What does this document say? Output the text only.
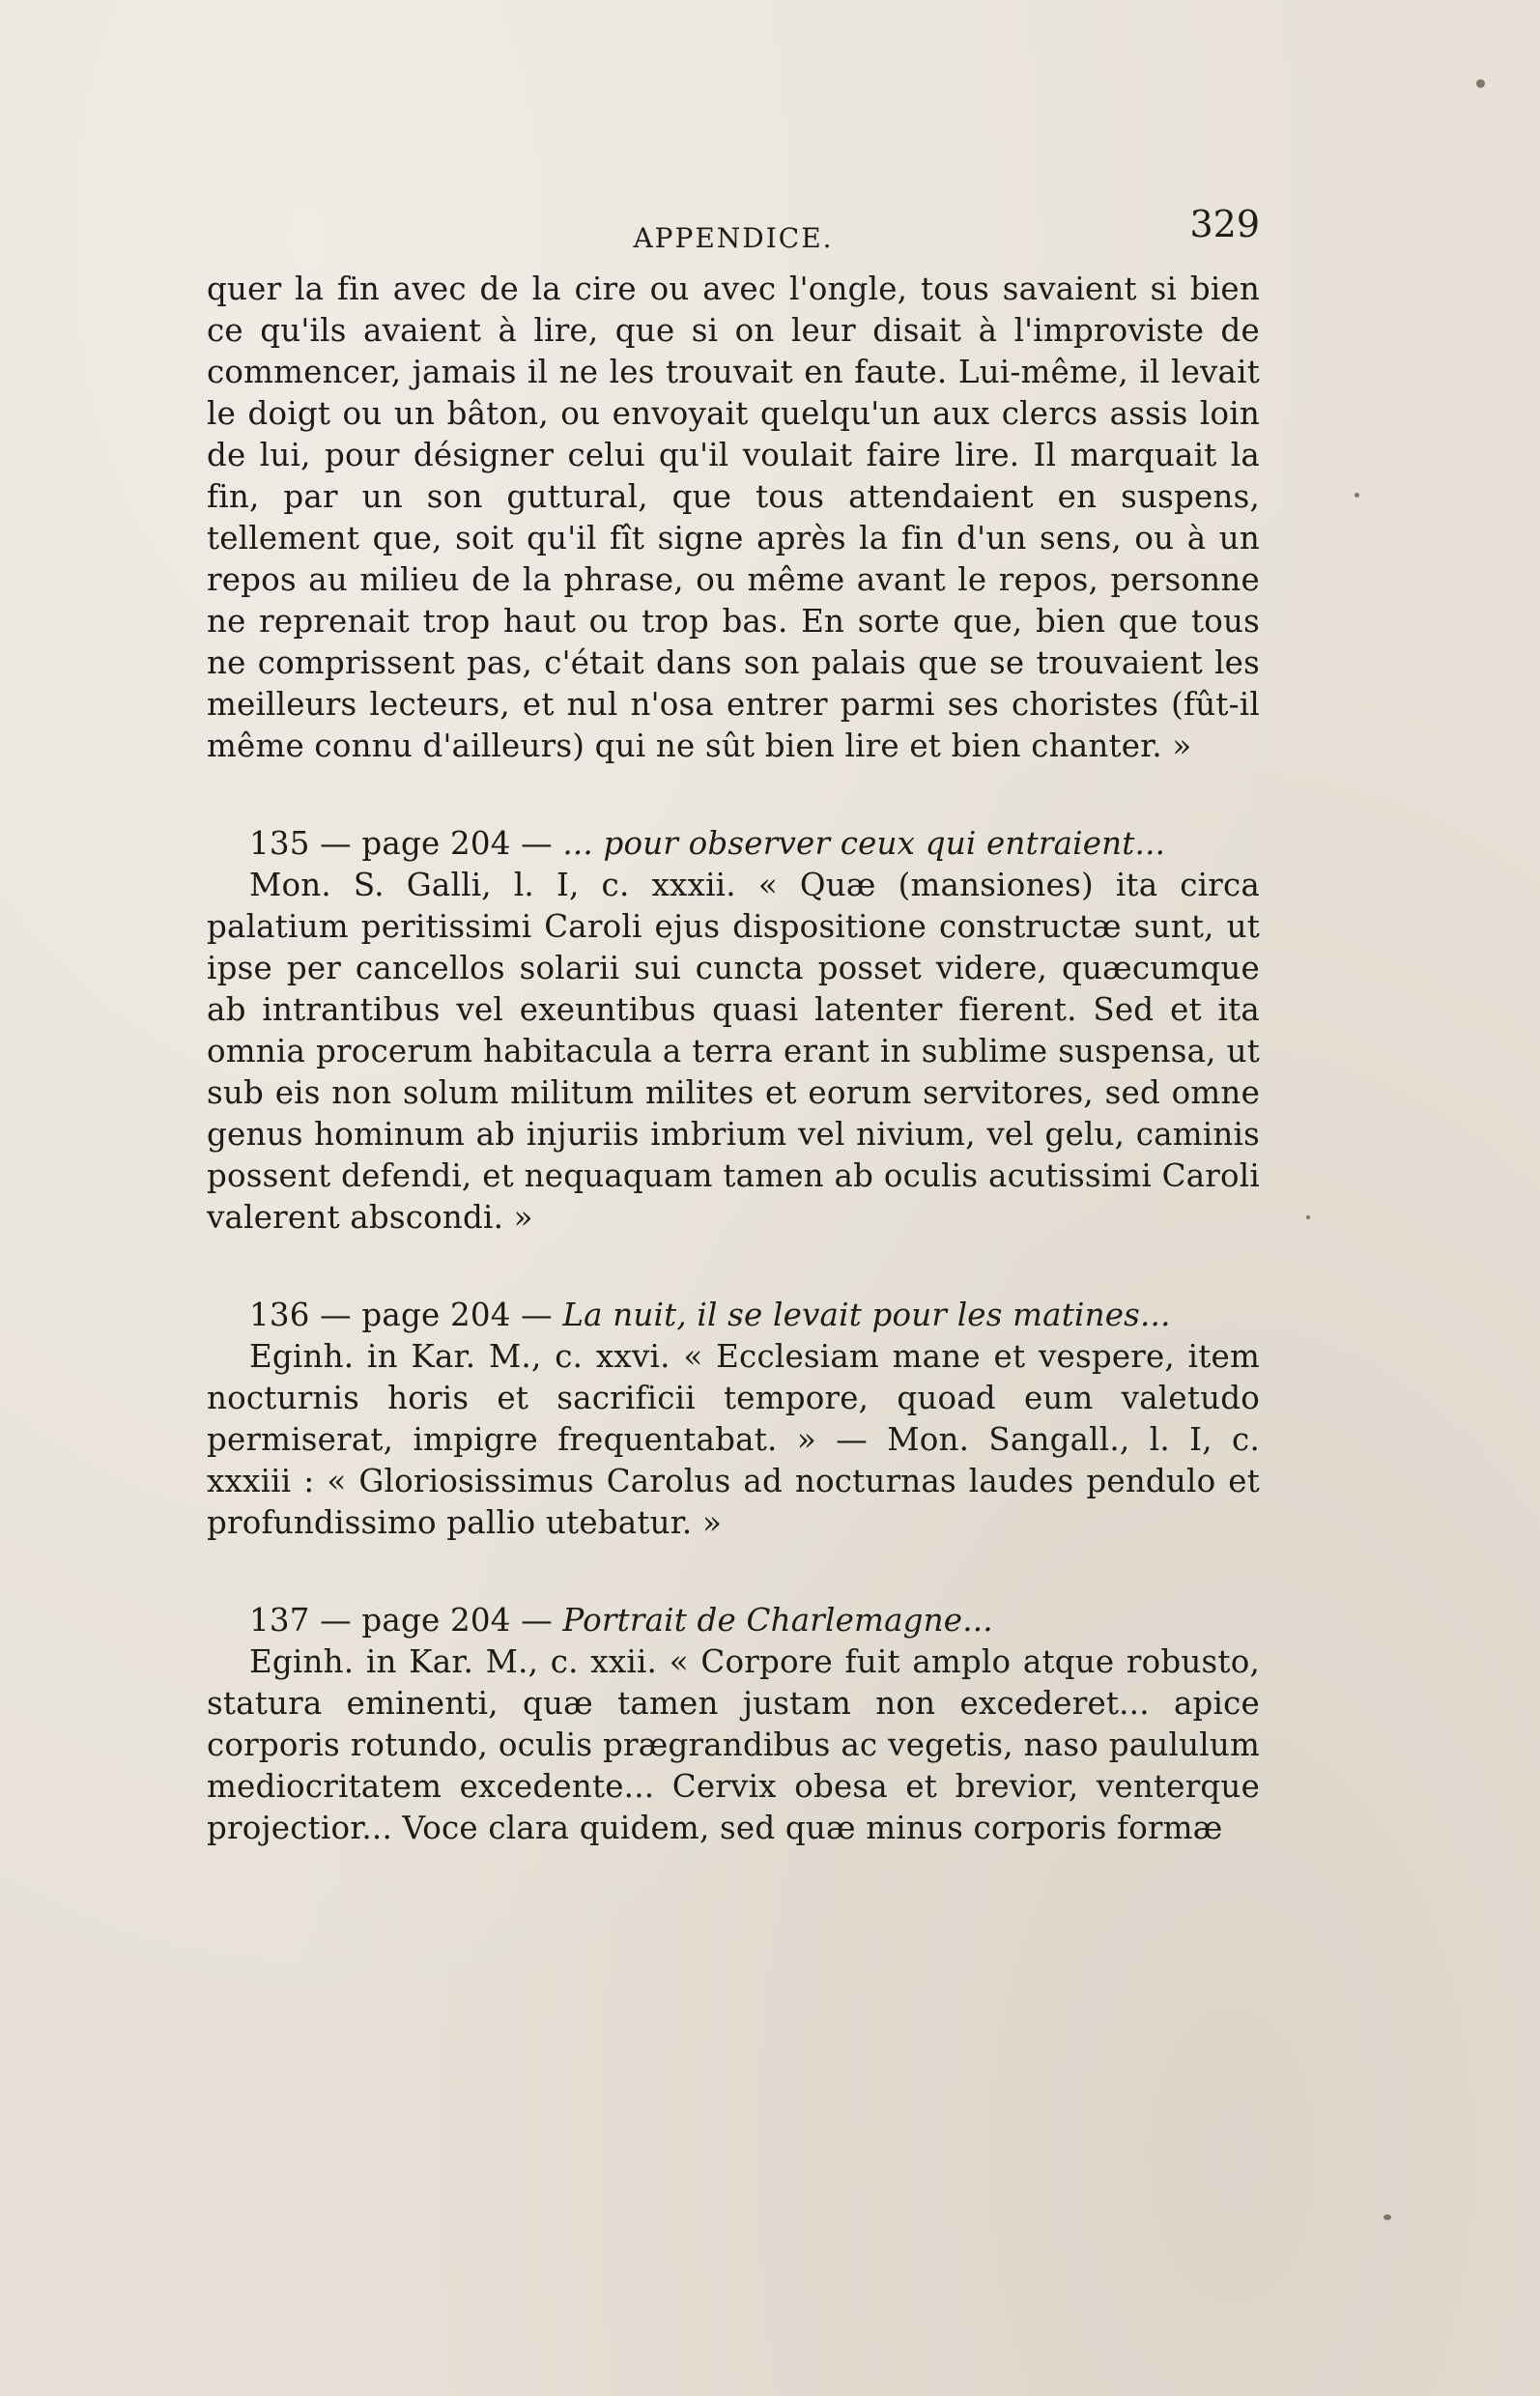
APPENDICE.	329

quer la fin avec de la cire ou avec l'ongle, tous savaient si bien ce qu'ils avaient à lire, que si on leur disait à l'improviste de commencer, jamais il ne les trouvait en faute. Lui-même, il levait le doigt ou un bâton, ou envoyait quelqu'un aux clercs assis loin de lui, pour désigner celui qu'il voulait faire lire. Il marquait la fin, par un son guttural, que tous attendaient en suspens, tellement que, soit qu'il fît signe après la fin d'un sens, ou à un repos au milieu de la phrase, ou même avant le repos, personne ne reprenait trop haut ou trop bas. En sorte que, bien que tous ne comprissent pas, c'était dans son palais que se trouvaient les meilleurs lecteurs, et nul n'osa entrer parmi ses choristes (fût-il même connu d'ailleurs) qui ne sût bien lire et bien chanter. »

135 — page 204 — ... pour observer ceux qui entraient...

Mon. S. Galli, l. I, c. xxxii. « Quæ (mansiones) ita circa palatium peritissimi Caroli ejus dispositione constructæ sunt, ut ipse per cancellos solarii sui cuncta posset videre, quæcumque ab intrantibus vel exeuntibus quasi latenter fierent. Sed et ita omnia procerum habitacula a terra erant in sublime suspensa, ut sub eis non solum militum milites et eorum servitores, sed omne genus hominum ab injuriis imbrium vel nivium, vel gelu, caminis possent defendi, et nequaquam tamen ab oculis acutissimi Caroli valerent abscondi. »

136 — page 204 — La nuit, il se levait pour les matines...

Eginh. in Kar. M., c. xxvi. « Ecclesiam mane et vespere, item nocturnis horis et sacrificii tempore, quoad eum valetudo permiserat, impigre frequentabat. » — Mon. Sangall., l. I, c. xxxiii : « Gloriosissimus Carolus ad nocturnas laudes pendulo et profundissimo pallio utebatur. »

137 — page 204 — Portrait de Charlemagne...

Eginh. in Kar. M., c. xxii. « Corpore fuit amplo atque robusto, statura eminenti, quæ tamen justam non excederet... apice corporis rotundo, oculis prægrandibus ac vegetis, naso paululum mediocritatem excedente... Cervix obesa et brevior, venterque projectior... Voce clara quidem, sed quæ minus corporis formæ
